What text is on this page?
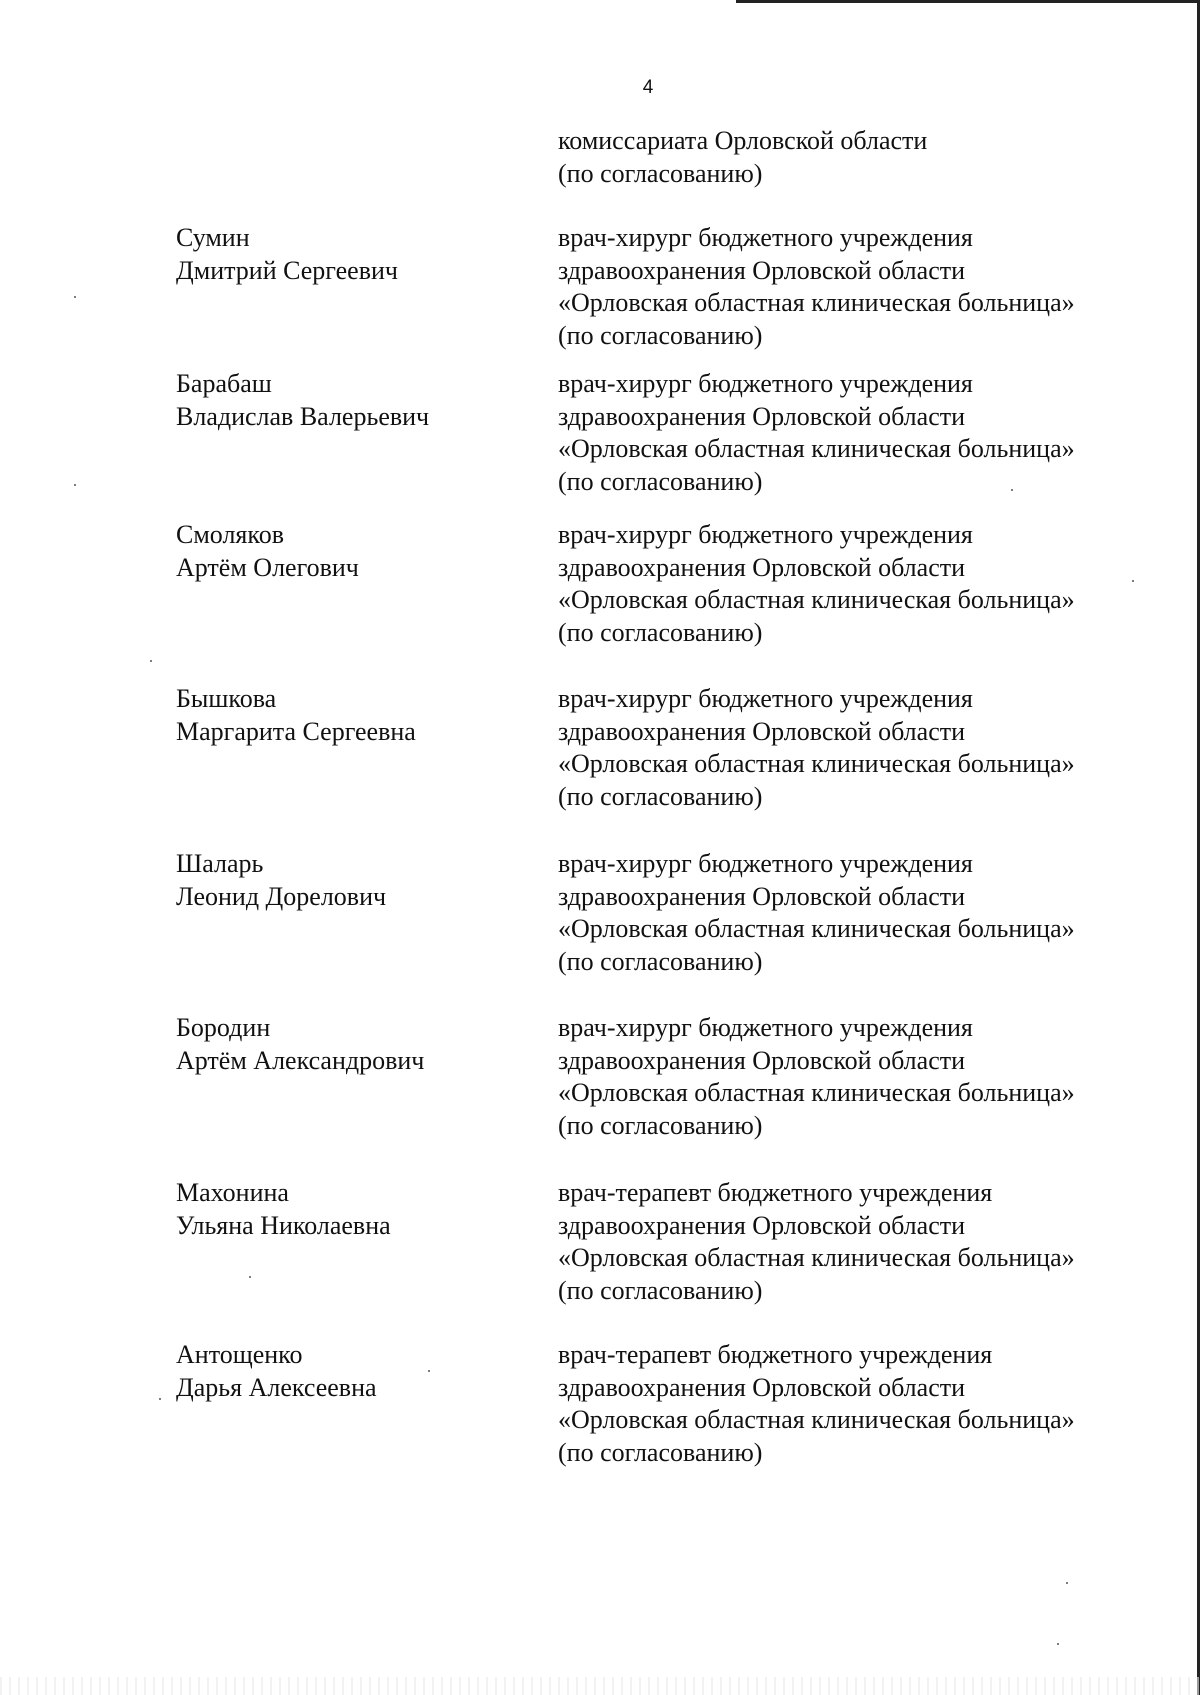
4
комиссариата Орловской области
(по согласованию)
Сумин
Дмитрий Сергеевич
врач-хирург бюджетного учреждения
здравоохранения Орловской области
«Орловская областная клиническая больница»
(по согласованию)
Барабаш
Владислав Валерьевич
врач-хирург бюджетного учреждения
здравоохранения Орловской области
«Орловская областная клиническая больница»
(по согласованию)
Смоляков
Артём Олегович
врач-хирург бюджетного учреждения
здравоохранения Орловской области
«Орловская областная клиническая больница»
(по согласованию)
Бышкова
Маргарита Сергеевна
врач-хирург бюджетного учреждения
здравоохранения Орловской области
«Орловская областная клиническая больница»
(по согласованию)
Шаларь
Леонид Дорелович
врач-хирург бюджетного учреждения
здравоохранения Орловской области
«Орловская областная клиническая больница»
(по согласованию)
Бородин
Артём Александрович
врач-хирург бюджетного учреждения
здравоохранения Орловской области
«Орловская областная клиническая больница»
(по согласованию)
Махонина
Ульяна Николаевна
врач-терапевт бюджетного учреждения
здравоохранения Орловской области
«Орловская областная клиническая больница»
(по согласованию)
Антощенко
Дарья Алексеевна
врач-терапевт бюджетного учреждения
здравоохранения Орловской области
«Орловская областная клиническая больница»
(по согласованию)
